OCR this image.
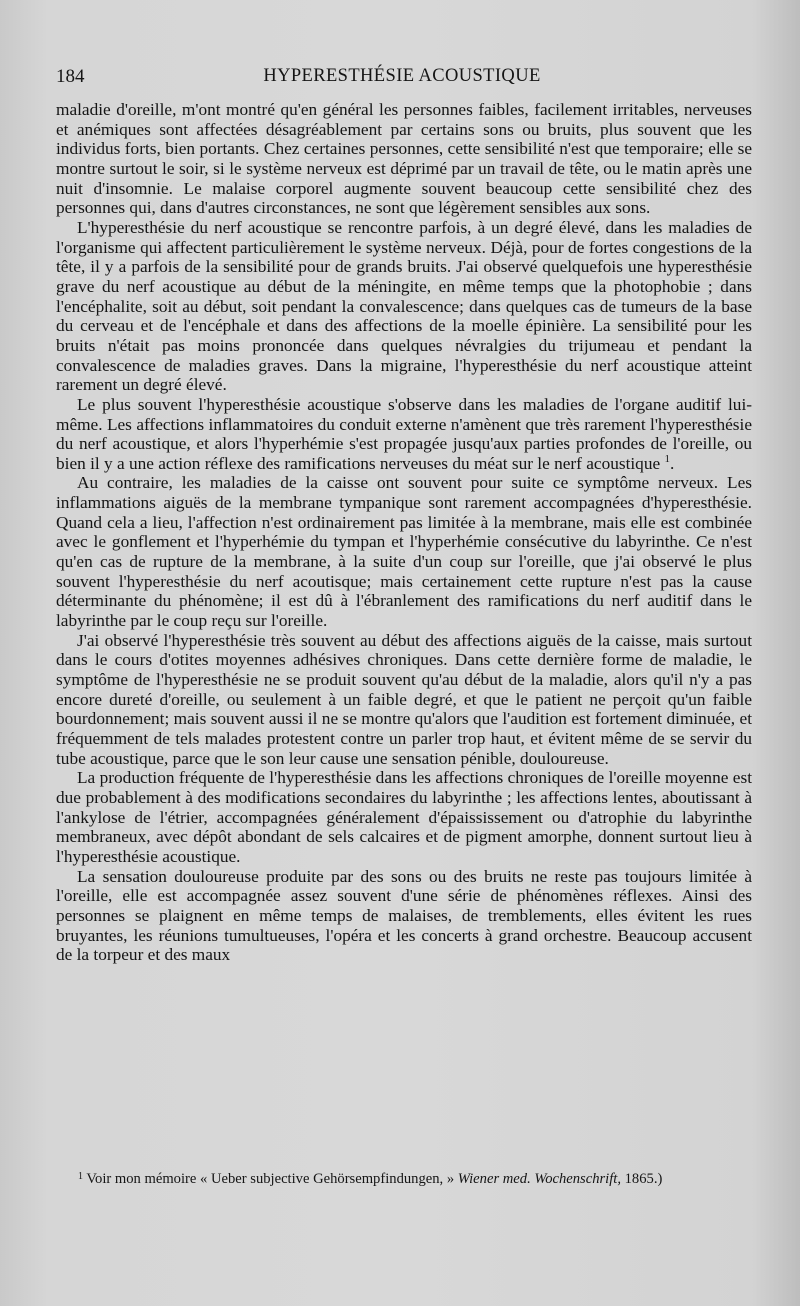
184	HYPERESTHÉSIE ACOUSTIQUE

maladie d'oreille, m'ont montré qu'en général les personnes faibles, facilement irritables, nerveuses et anémiques sont affectées désagréablement par certains sons ou bruits, plus souvent que les individus forts, bien portants. Chez certaines personnes, cette sensibilité n'est que temporaire; elle se montre surtout le soir, si le système nerveux est déprimé par un travail de tête, ou le matin après une nuit d'insomnie. Le malaise corporel augmente souvent beaucoup cette sensibilité chez des personnes qui, dans d'autres circonstances, ne sont que légèrement sensibles aux sons.

L'hyperesthésie du nerf acoustique se rencontre parfois, à un degré élevé, dans les maladies de l'organisme qui affectent particulièrement le système nerveux. Déjà, pour de fortes congestions de la tête, il y a parfois de la sensibilité pour de grands bruits. J'ai observé quelquefois une hyperesthésie grave du nerf acoustique au début de la méningite, en même temps que la photophobie ; dans l'encéphalite, soit au début, soit pendant la convalescence; dans quelques cas de tumeurs de la base du cerveau et de l'encéphale et dans des affections de la moelle épinière. La sensibilité pour les bruits n'était pas moins prononcée dans quelques névralgies du trijumeau et pendant la convalescence de maladies graves. Dans la migraine, l'hyperesthésie du nerf acoustique atteint rarement un degré élevé.

Le plus souvent l'hyperesthésie acoustique s'observe dans les maladies de l'organe auditif lui-même. Les affections inflammatoires du conduit externe n'amènent que très rarement l'hyperesthésie du nerf acoustique, et alors l'hyperhémie s'est propagée jusqu'aux parties profondes de l'oreille, ou bien il y a une action réflexe des ramifications nerveuses du méat sur le nerf acoustique $^1$.

Au contraire, les maladies de la caisse ont souvent pour suite ce symptôme nerveux. Les inflammations aiguës de la membrane tympanique sont rarement accompagnées d'hyperesthésie. Quand cela a lieu, l'affection n'est ordinairement pas limitée à la membrane, mais elle est combinée avec le gonflement et l'hyperhémie du tympan et l'hyperhémie consécutive du labyrinthe. Ce n'est qu'en cas de rupture de la membrane, à la suite d'un coup sur l'oreille, que j'ai observé le plus souvent l'hyperesthésie du nerf acoutisque; mais certainement cette rupture n'est pas la cause déterminante du phénomène; il est dû à l'ébranlement des ramifications du nerf auditif dans le labyrinthe par le coup reçu sur l'oreille.

J'ai observé l'hyperesthésie très souvent au début des affections aiguës de la caisse, mais surtout dans le cours d'otites moyennes adhésives chroniques. Dans cette dernière forme de maladie, le symptôme de l'hyperesthésie ne se produit souvent qu'au début de la maladie, alors qu'il n'y a pas encore dureté d'oreille, ou seulement à un faible degré, et que le patient ne perçoit qu'un faible bourdonnement; mais souvent aussi il ne se montre qu'alors que l'audition est fortement diminuée, et fréquemment de tels malades protestent contre un parler trop haut, et évitent même de se servir du tube acoustique, parce que le son leur cause une sensation pénible, douloureuse.

La production fréquente de l'hyperesthésie dans les affections chroniques de l'oreille moyenne est due probablement à des modifications secondaires du labyrinthe ; les affections lentes, aboutissant à l'ankylose de l'étrier, accompagnées généralement d'épaississement ou d'atrophie du labyrinthe membraneux, avec dépôt abondant de sels calcaires et de pigment amorphe, donnent surtout lieu à l'hyperesthésie acoustique.

La sensation douloureuse produite par des sons ou des bruits ne reste pas toujours limitée à l'oreille, elle est accompagnée assez souvent d'une série de phénomènes réflexes. Ainsi des personnes se plaignent en même temps de malaises, de tremblements, elles évitent les rues bruyantes, les réunions tumultueuses, l'opéra et les concerts à grand orchestre. Beaucoup accusent de la torpeur et des maux

$^1$ Voir mon mémoire « Ueber subjective Gehörsempfindungen, » Wiener med. Wochenschrift, 1865.)
